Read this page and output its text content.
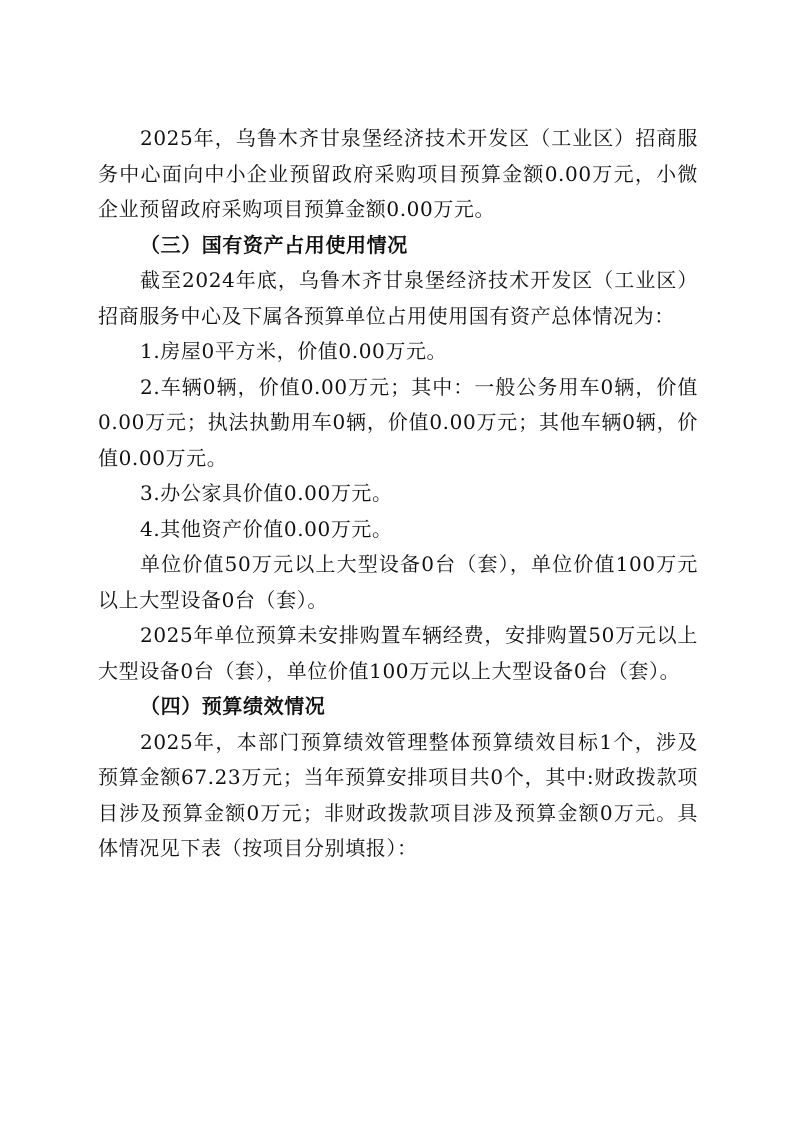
2025年，乌鲁木齐甘泉堡经济技术开发区（工业区）招商服务中心面向中小企业预留政府采购项目预算金额0.00万元，小微企业预留政府采购项目预算金额0.00万元。

（三）国有资产占用使用情况

截至2024年底，乌鲁木齐甘泉堡经济技术开发区（工业区）招商服务中心及下属各预算单位占用使用国有资产总体情况为：

1.房屋0平方米，价值0.00万元。

2.车辆0辆，价值0.00万元；其中：一般公务用车0辆，价值0.00万元；执法执勤用车0辆，价值0.00万元；其他车辆0辆，价值0.00万元。

3.办公家具价值0.00万元。

4.其他资产价值0.00万元。

单位价值50万元以上大型设备0台（套），单位价值100万元以上大型设备0台（套）。

2025年单位预算未安排购置车辆经费，安排购置50万元以上大型设备0台（套），单位价值100万元以上大型设备0台（套）。

（四）预算绩效情况

2025年，本部门预算绩效管理整体预算绩效目标1个，涉及预算金额67.23万元；当年预算安排项目共0个，其中:财政拨款项目涉及预算金额0万元；非财政拨款项目涉及预算金额0万元。具体情况见下表（按项目分别填报）：
